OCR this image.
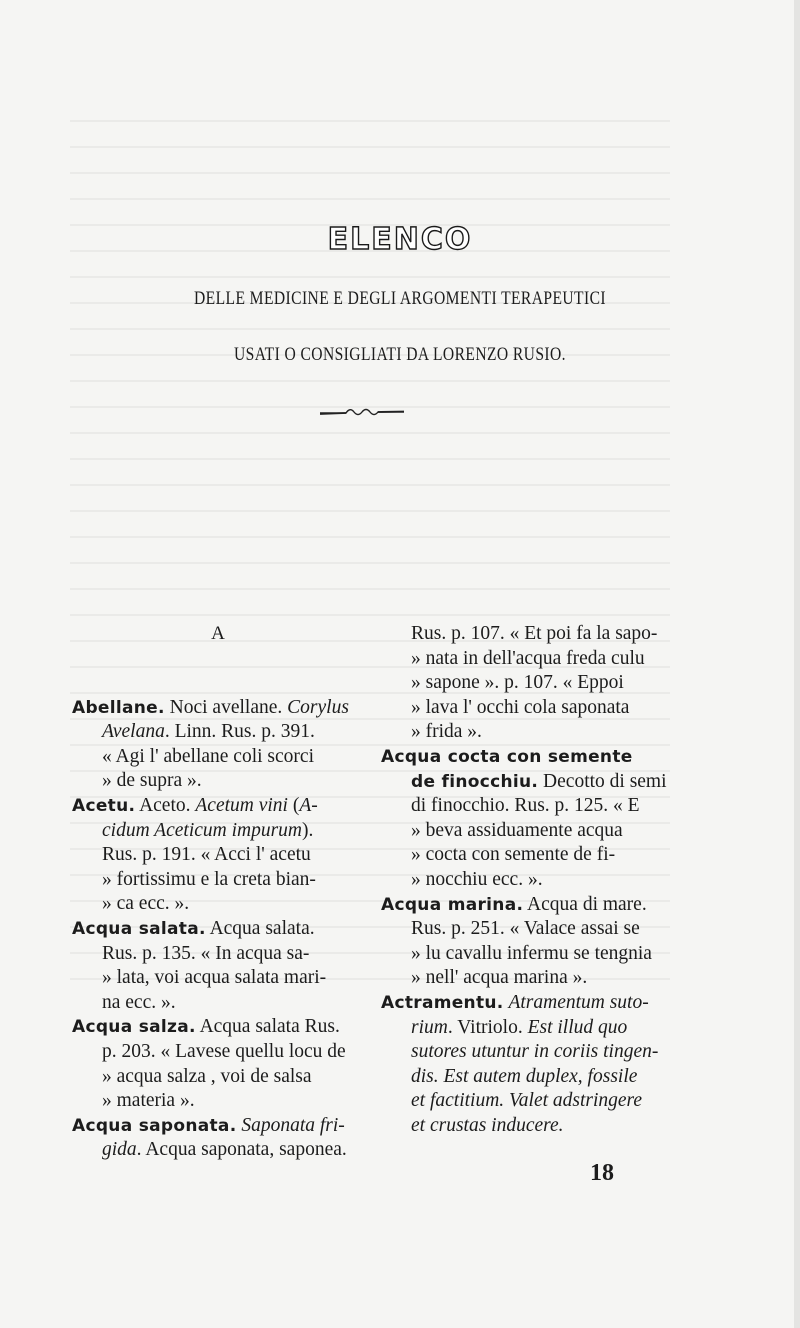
ELENCO
DELLE MEDICINE E DEGLI ARGOMENTI TERAPEUTICI
USATI O CONSIGLIATI DA LORENZO RUSIO.
A
Abellane. Noci avellane. Corylus
Avelana. Linn. Rus. p. 391.
« Agi l' abellane coli scorci
» de supra ».
Acetu. Aceto. Acetum vini (A-
cidum Aceticum impurum).
Rus. p. 191. « Acci l' acetu
» fortissimu e la creta bian-
» ca ecc. ».
Acqua salata. Acqua salata.
Rus. p. 135. « In acqua sa-
» lata, voi acqua salata mari-
na ecc. ».
Acqua salza. Acqua salata Rus.
p. 203. « Lavese quellu locu de
» acqua salza , voi de salsa
» materia ».
Acqua saponata. Saponata fri-
gida. Acqua saponata, saponea.
Rus. p. 107. « Et poi fa la sapo-
» nata in dell'acqua freda culu
» sapone ». p. 107. « Eppoi
» lava l' occhi cola saponata
» frida ».
Acqua cocta con semente
de finocchiu. Decotto di semi
di finocchio. Rus. p. 125. « E
» beva assiduamente acqua
» cocta con semente de fi-
» nocchiu ecc. ».
Acqua marina. Acqua di mare.
Rus. p. 251. « Valace assai se
» lu cavallu infermu se tengnia
» nell' acqua marina ».
Actramentu. Atramentum suto-
rium. Vitriolo. Est illud quo
sutores utuntur in coriis tingen-
dis. Est autem duplex, fossile
et factitium. Valet adstringere
et crustas inducere.
18
